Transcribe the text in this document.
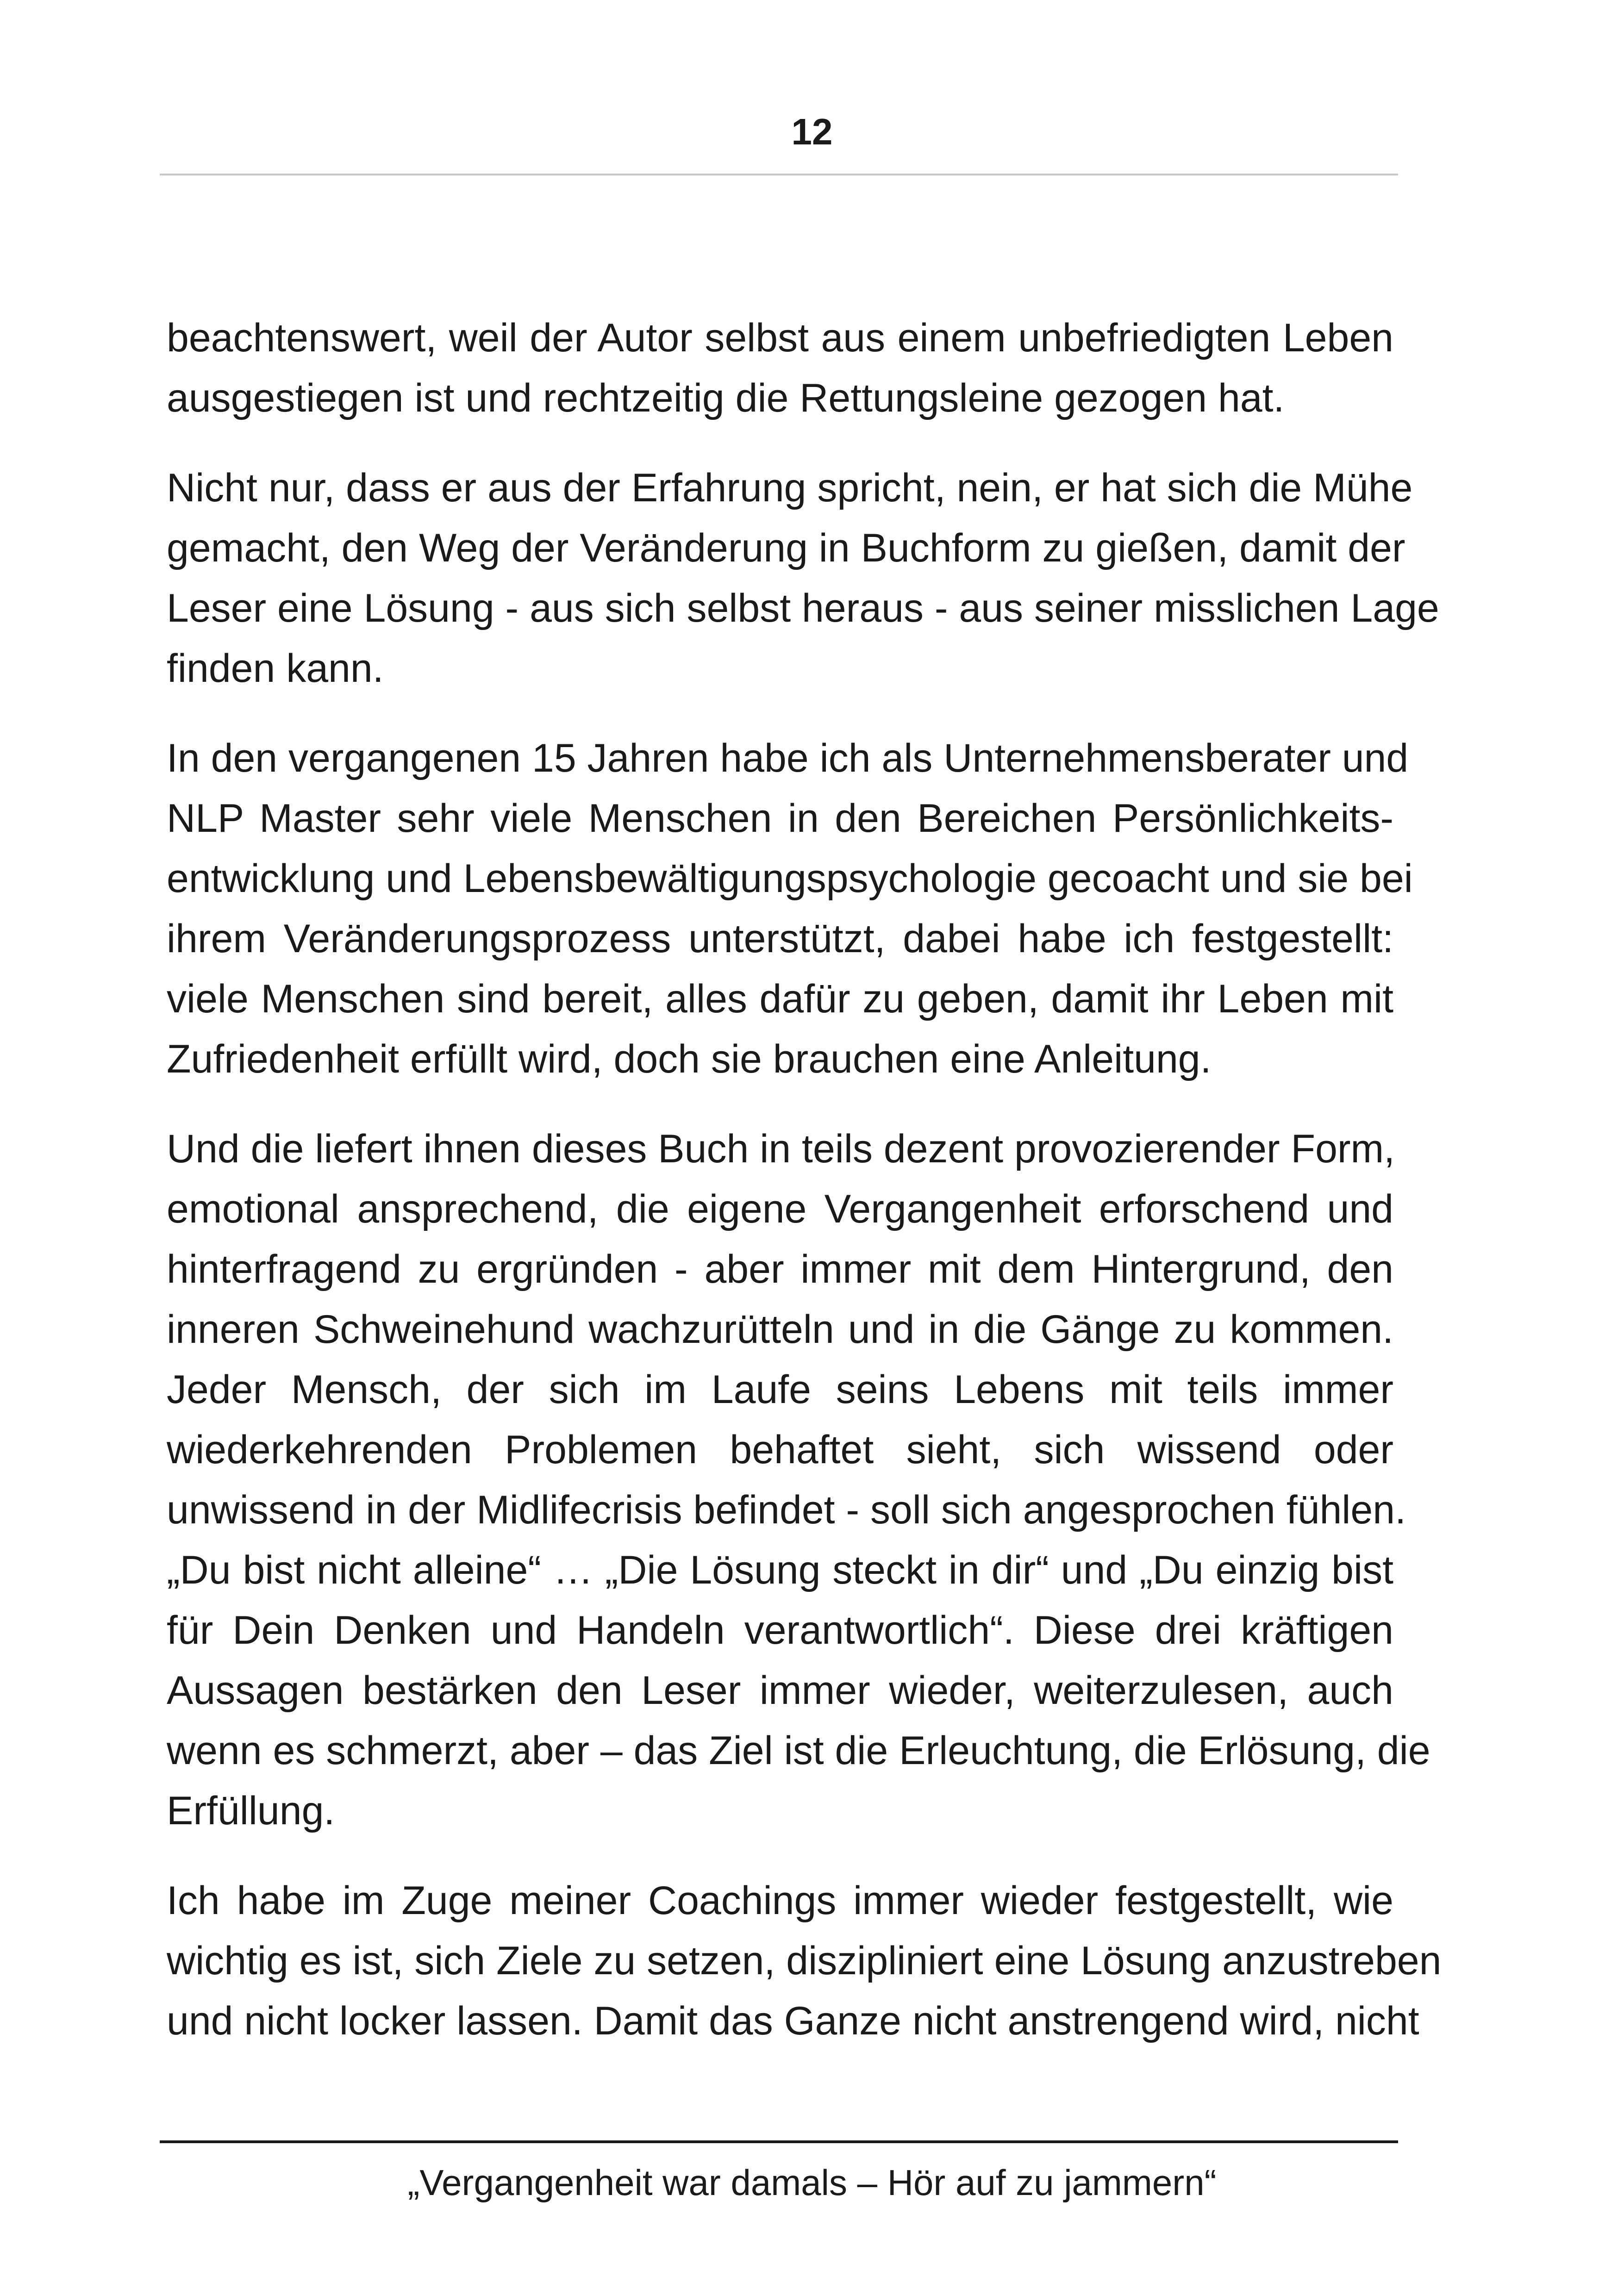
12

beachtenswert, weil der Autor selbst aus einem unbefriedigten Leben
ausgestiegen ist und rechtzeitig die Rettungsleine gezogen hat.

Nicht nur, dass er aus der Erfahrung spricht, nein, er hat sich die Mühe
gemacht, den Weg der Veränderung in Buchform zu gießen, damit der
Leser eine Lösung - aus sich selbst heraus - aus seiner misslichen Lage
finden kann.

In den vergangenen 15 Jahren habe ich als Unternehmensberater und
NLP Master sehr viele Menschen in den Bereichen Persönlichkeits-
entwicklung und Lebensbewältigungspsychologie gecoacht und sie bei
ihrem Veränderungsprozess unterstützt, dabei habe ich festgestellt:
viele Menschen sind bereit, alles dafür zu geben, damit ihr Leben mit
Zufriedenheit erfüllt wird, doch sie brauchen eine Anleitung.

Und die liefert ihnen dieses Buch in teils dezent provozierender Form,
emotional ansprechend, die eigene Vergangenheit erforschend und
hinterfragend zu ergründen - aber immer mit dem Hintergrund, den
inneren Schweinehund wachzurütteln und in die Gänge zu kommen.
Jeder Mensch, der sich im Laufe seins Lebens mit teils immer
wiederkehrenden Problemen behaftet sieht, sich wissend oder
unwissend in der Midlifecrisis befindet - soll sich angesprochen fühlen.
„Du bist nicht alleine“ … „Die Lösung steckt in dir“ und „Du einzig bist
für Dein Denken und Handeln verantwortlich“. Diese drei kräftigen
Aussagen bestärken den Leser immer wieder, weiterzulesen, auch
wenn es schmerzt, aber – das Ziel ist die Erleuchtung, die Erlösung, die
Erfüllung.

Ich habe im Zuge meiner Coachings immer wieder festgestellt, wie
wichtig es ist, sich Ziele zu setzen, diszipliniert eine Lösung anzustreben
und nicht locker lassen. Damit das Ganze nicht anstrengend wird, nicht

„Vergangenheit war damals – Hör auf zu jammern“
